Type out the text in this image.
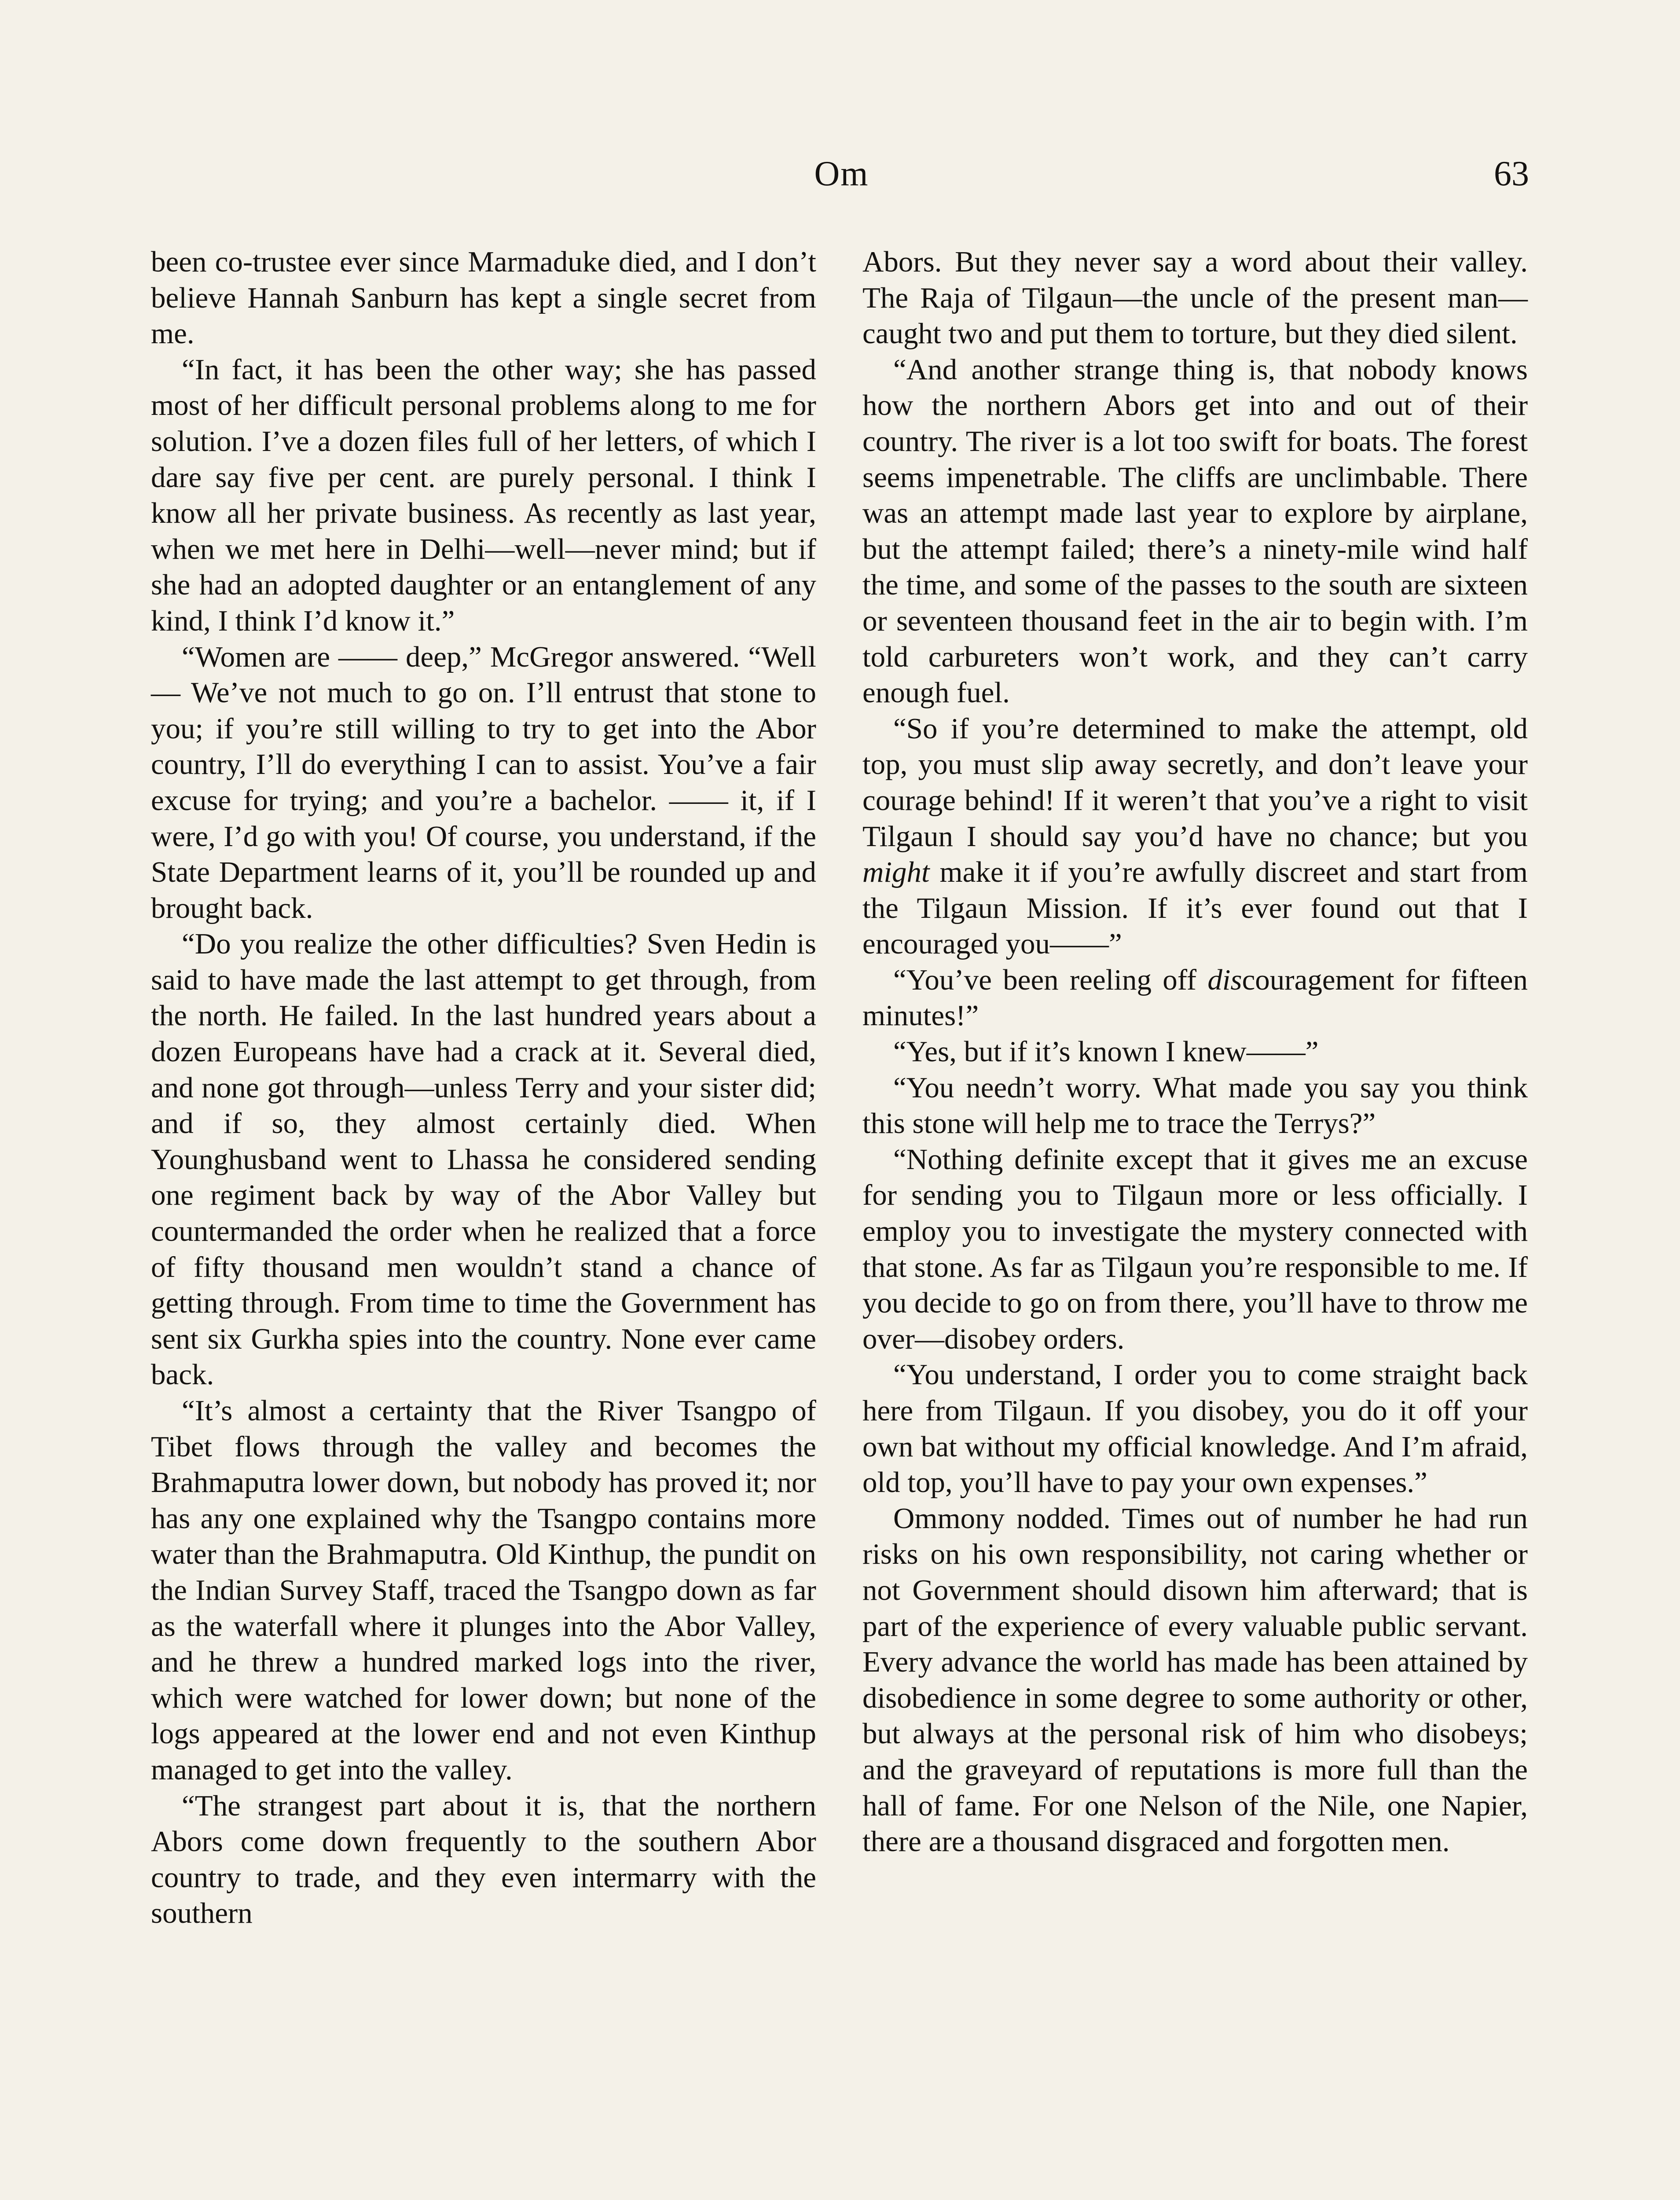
Om	63

been co-trustee ever since Marmaduke died, and I don’t believe Hannah Sanburn has kept a single secret from me.

“In fact, it has been the other way; she has passed most of her difficult personal problems along to me for solution. I’ve a dozen files full of her letters, of which I dare say five per cent. are purely personal. I think I know all her private business. As recently as last year, when we met here in Delhi—well—never mind; but if she had an adopted daughter or an entanglement of any kind, I think I’d know it.”

“Women are —— deep,” McGregor answered. “Well— We’ve not much to go on. I’ll entrust that stone to you; if you’re still willing to try to get into the Abor country, I’ll do everything I can to assist. You’ve a fair excuse for trying; and you’re a bachelor. —— it, if I were, I’d go with you! Of course, you understand, if the State Department learns of it, you’ll be rounded up and brought back.

“Do you realize the other difficulties? Sven Hedin is said to have made the last attempt to get through, from the north. He failed. In the last hundred years about a dozen Europeans have had a crack at it. Several died, and none got through—unless Terry and your sister did; and if so, they almost certainly died. When Younghusband went to Lhassa he considered sending one regiment back by way of the Abor Valley but countermanded the order when he realized that a force of fifty thousand men wouldn’t stand a chance of getting through. From time to time the Government has sent six Gurkha spies into the country. None ever came back.

“It’s almost a certainty that the River Tsangpo of Tibet flows through the valley and becomes the Brahmaputra lower down, but nobody has proved it; nor has any one explained why the Tsangpo contains more water than the Brahmaputra. Old Kinthup, the pundit on the Indian Survey Staff, traced the Tsangpo down as far as the waterfall where it plunges into the Abor Valley, and he threw a hundred marked logs into the river, which were watched for lower down; but none of the logs appeared at the lower end and not even Kinthup managed to get into the valley.

“The strangest part about it is, that the northern Abors come down frequently to the southern Abor country to trade, and they even intermarry with the southern

Abors. But they never say a word about their valley. The Raja of Tilgaun—the uncle of the present man—caught two and put them to torture, but they died silent.

“And another strange thing is, that nobody knows how the northern Abors get into and out of their country. The river is a lot too swift for boats. The forest seems impenetrable. The cliffs are unclimbable. There was an attempt made last year to explore by airplane, but the attempt failed; there’s a ninety-mile wind half the time, and some of the passes to the south are sixteen or seventeen thousand feet in the air to begin with. I’m told carbureters won’t work, and they can’t carry enough fuel.

“So if you’re determined to make the attempt, old top, you must slip away secretly, and don’t leave your courage behind! If it weren’t that you’ve a right to visit Tilgaun I should say you’d have no chance; but you might make it if you’re awfully discreet and start from the Tilgaun Mission. If it’s ever found out that I encouraged you——”

“You’ve been reeling off discouragement for fifteen minutes!”

“Yes, but if it’s known I knew——”

“You needn’t worry. What made you say you think this stone will help me to trace the Terrys?”

“Nothing definite except that it gives me an excuse for sending you to Tilgaun more or less officially. I employ you to investigate the mystery connected with that stone. As far as Tilgaun you’re responsible to me. If you decide to go on from there, you’ll have to throw me over—disobey orders.

“You understand, I order you to come straight back here from Tilgaun. If you disobey, you do it off your own bat without my official knowledge. And I’m afraid, old top, you’ll have to pay your own expenses.”

Ommony nodded. Times out of number he had run risks on his own responsibility, not caring whether or not Government should disown him afterward; that is part of the experience of every valuable public servant. Every advance the world has made has been attained by disobedience in some degree to some authority or other, but always at the personal risk of him who disobeys; and the graveyard of reputations is more full than the hall of fame. For one Nelson of the Nile, one Napier, there are a thousand disgraced and forgotten men.
